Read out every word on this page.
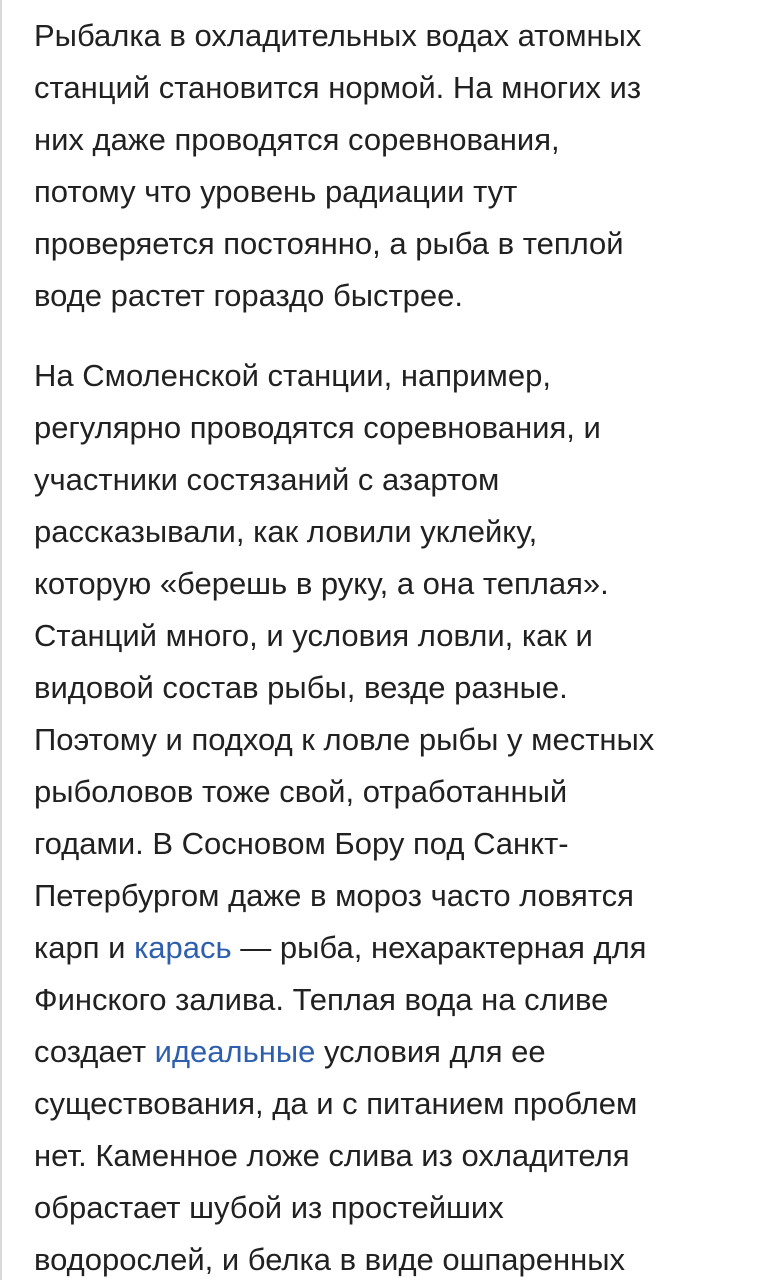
Рыбалка в охладительных водах атомных
станций становится нормой. На многих из
них даже проводятся соревнования,
потому что уровень радиации тут
проверяется постоянно, а рыба в теплой
воде растет гораздо быстрее.

На Смоленской станции, например,
регулярно проводятся соревнования, и
участники состязаний с азартом
рассказывали, как ловили уклейку,
которую «берешь в руку, а она теплая».
Станций много, и условия ловли, как и
видовой состав рыбы, везде разные.
Поэтому и подход к ловле рыбы у местных
рыболовов тоже свой, отработанный
годами. В Сосновом Бору под Санкт-
Петербургом даже в мороз часто ловятся
карп и карась — рыба, нехарактерная для
Финского залива. Теплая вода на сливе
создает идеальные условия для ее
существования, да и с питанием проблем
нет. Каменное ложе слива из охладителя
обрастает шубой из простейших
водорослей, и белка в виде ошпаренных
